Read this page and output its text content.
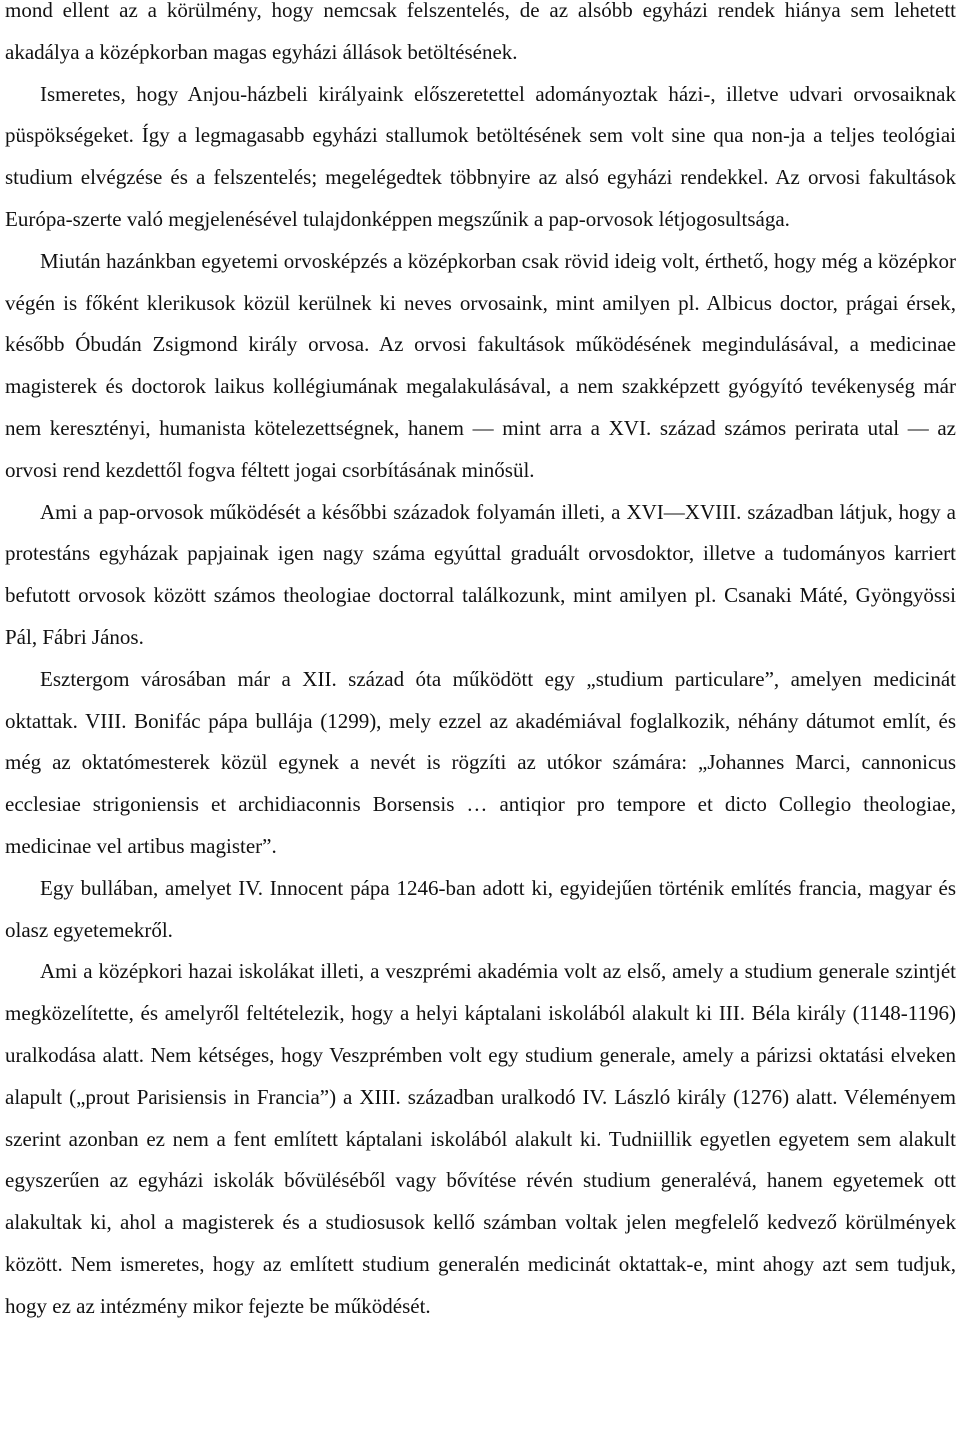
mond ellent az a körülmény, hogy nemcsak felszentelés, de az alsóbb egyházi rendek hiánya sem lehetett akadálya a középkorban magas egyházi állások betöltésének.

Ismeretes, hogy Anjou-házbeli királyaink előszeretettel adományoztak házi-, illetve udvari orvosaiknak püspökségeket. Így a legmagasabb egyházi stallumok betöltésének sem volt sine qua non-ja a teljes teológiai studium elvégzése és a felszentelés; megelégedtek többnyire az alsó egyházi rendekkel. Az orvosi fakultások Európa-szerte való megjelenésével tulajdonképpen megszűnik a pap-orvosok létjogosultsága.

Miután hazánkban egyetemi orvosképzés a középkorban csak rövid ideig volt, érthető, hogy még a középkor végén is főként klerikusok közül kerülnek ki neves orvosaink, mint amilyen pl. Albicus doctor, prágai érsek, később Óbudán Zsigmond király orvosa. Az orvosi fakultások működésének megindulásával, a medicinae magisterek és doctorok laikus kollégiumának megalakulásával, a nem szakképzett gyógyító tevékenység már nem keresztényi, humanista kötelezettségnek, hanem — mint arra a XVI. század számos perirata utal — az orvosi rend kezdettől fogva féltett jogai csorbításának minősül.

Ami a pap-orvosok működését a későbbi századok folyamán illeti, a XVI—XVIII. században látjuk, hogy a protestáns egyházak papjainak igen nagy száma egyúttal graduált orvosdoktor, illetve a tudományos karriert befutott orvosok között számos theologiae doctorral találkozunk, mint amilyen pl. Csanaki Máté, Gyöngyössi Pál, Fábri János.

Esztergom városában már a XII. század óta működött egy „studium particulare”, amelyen medicinát oktattak. VIII. Bonifác pápa bullája (1299), mely ezzel az akadémiával foglalkozik, néhány dátumot említ, és még az oktatómesterek közül egynek a nevét is rögzíti az utókor számára: „Johannes Marci, cannonicus ecclesiae strigoniensis et archidiaconnis Borsensis … antiqior pro tempore et dicto Collegio theologiae, medicinae vel artibus magister”.

Egy bullában, amelyet IV. Innocent pápa 1246-ban adott ki, egyidejűen történik említés francia, magyar és olasz egyetemekről.

Ami a középkori hazai iskolákat illeti, a veszprémi akadémia volt az első, amely a studium generale szintjét megközelítette, és amelyről feltételezik, hogy a helyi káptalani iskolából alakult ki III. Béla király (1148-1196) uralkodása alatt. Nem kétséges, hogy Veszprémben volt egy studium generale, amely a párizsi oktatási elveken alapult („prout Parisiensis in Francia”) a XIII. században uralkodó IV. László király (1276) alatt. Véleményem szerint azonban ez nem a fent említett káptalani iskolából alakult ki. Tudniillik egyetlen egyetem sem alakult egyszerűen az egyházi iskolák bővüléséből vagy bővítése révén studium generalévá, hanem egyetemek ott alakultak ki, ahol a magisterek és a studiosusok kellő számban voltak jelen megfelelő kedvező körülmények között. Nem ismeretes, hogy az említett studium generalén medicinát oktattak-e, mint ahogy azt sem tudjuk, hogy ez az intézmény mikor fejezte be működését.
